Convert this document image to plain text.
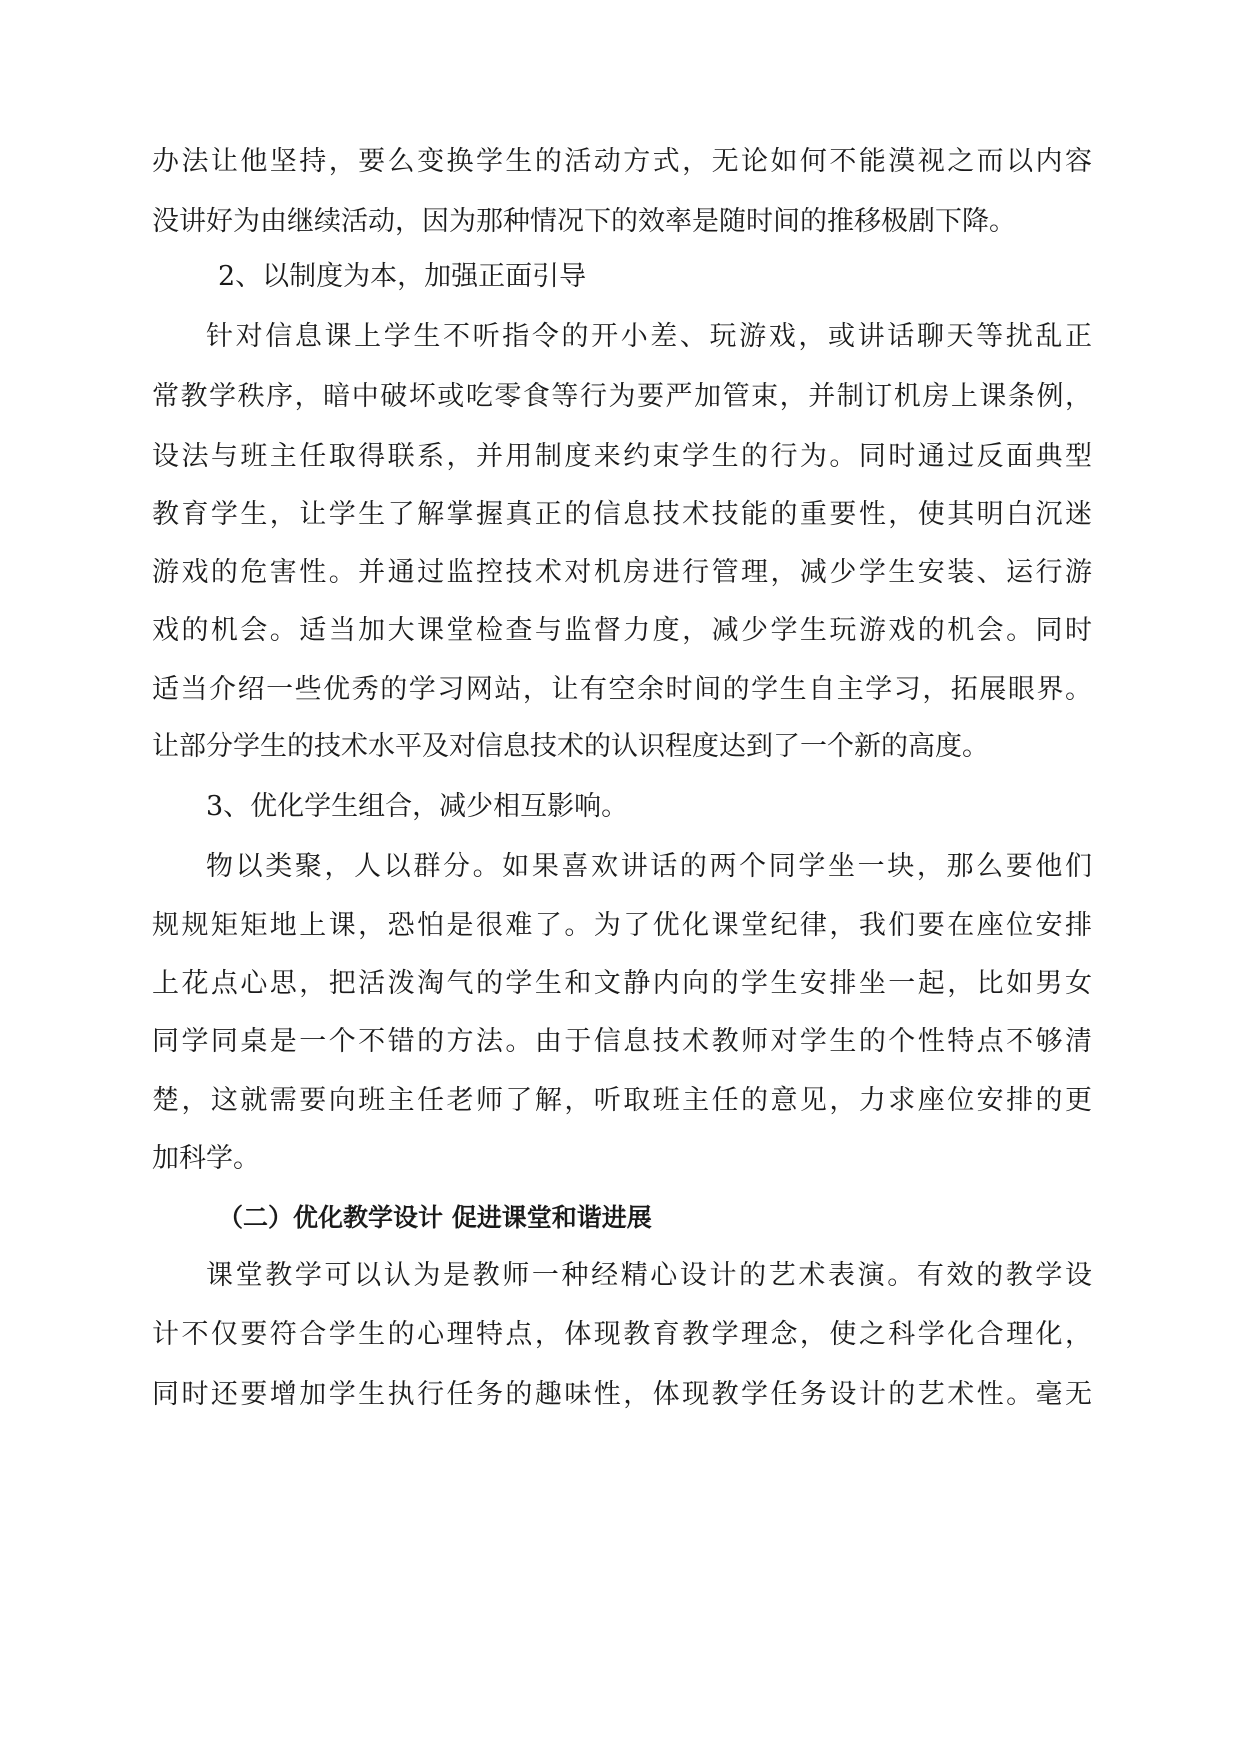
办法让他坚持，要么变换学生的活动方式，无论如何不能漠视之而以内容
没讲好为由继续活动，因为那种情况下的效率是随时间的推移极剧下降。
2、以制度为本，加强正面引导
针对信息课上学生不听指令的开小差、玩游戏，或讲话聊天等扰乱正
常教学秩序，暗中破坏或吃零食等行为要严加管束，并制订机房上课条例，
设法与班主任取得联系，并用制度来约束学生的行为。同时通过反面典型
教育学生，让学生了解掌握真正的信息技术技能的重要性，使其明白沉迷
游戏的危害性。并通过监控技术对机房进行管理，减少学生安装、运行游
戏的机会。适当加大课堂检查与监督力度，减少学生玩游戏的机会。同时
适当介绍一些优秀的学习网站，让有空余时间的学生自主学习，拓展眼界。
让部分学生的技术水平及对信息技术的认识程度达到了一个新的高度。
3、优化学生组合，减少相互影响。
物以类聚，人以群分。如果喜欢讲话的两个同学坐一块，那么要他们
规规矩矩地上课，恐怕是很难了。为了优化课堂纪律，我们要在座位安排
上花点心思，把活泼淘气的学生和文静内向的学生安排坐一起，比如男女
同学同桌是一个不错的方法。由于信息技术教师对学生的个性特点不够清
楚，这就需要向班主任老师了解，听取班主任的意见，力求座位安排的更
加科学。
（二）优化教学设计 促进课堂和谐进展
课堂教学可以认为是教师一种经精心设计的艺术表演。有效的教学设
计不仅要符合学生的心理特点，体现教育教学理念，使之科学化合理化，
同时还要增加学生执行任务的趣味性，体现教学任务设计的艺术性。毫无
